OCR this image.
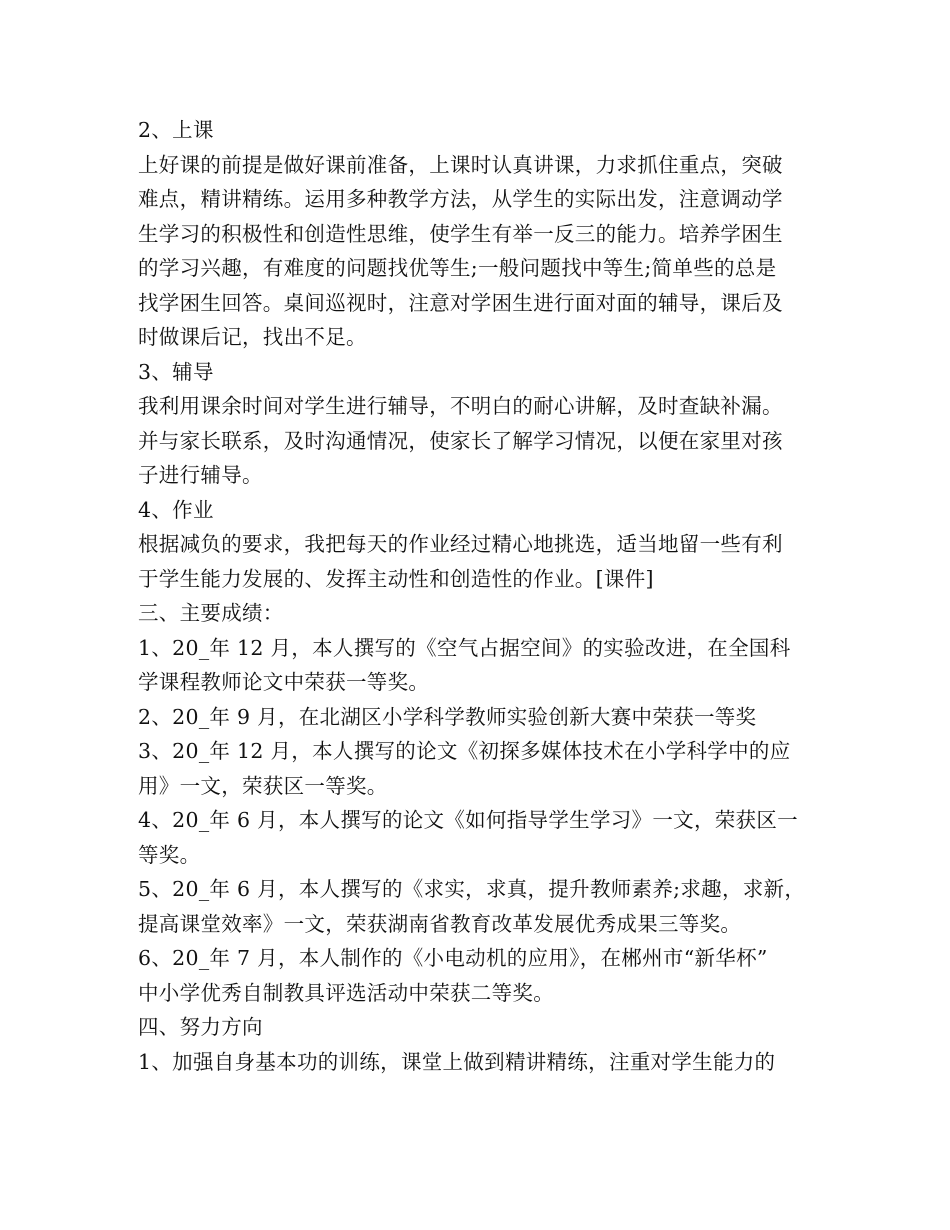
2、上课
上好课的前提是做好课前准备，上课时认真讲课，力求抓住重点，突破
难点，精讲精练。运用多种教学方法，从学生的实际出发，注意调动学
生学习的积极性和创造性思维，使学生有举一反三的能力。培养学困生
的学习兴趣，有难度的问题找优等生;一般问题找中等生;简单些的总是
找学困生回答。桌间巡视时，注意对学困生进行面对面的辅导，课后及
时做课后记，找出不足。
3、辅导
我利用课余时间对学生进行辅导，不明白的耐心讲解，及时查缺补漏。
并与家长联系，及时沟通情况，使家长了解学习情况，以便在家里对孩
子进行辅导。
4、作业
根据减负的要求，我把每天的作业经过精心地挑选，适当地留一些有利
于学生能力发展的、发挥主动性和创造性的作业。[课件]
三、主要成绩：
1、20_年 12 月，本人撰写的《空气占据空间》的实验改进，在全国科
学课程教师论文中荣获一等奖。
2、20_年 9 月，在北湖区小学科学教师实验创新大赛中荣获一等奖
3、20_年 12 月，本人撰写的论文《初探多媒体技术在小学科学中的应
用》一文，荣获区一等奖。
4、20_年 6 月，本人撰写的论文《如何指导学生学习》一文，荣获区一
等奖。
5、20_年 6 月，本人撰写的《求实，求真，提升教师素养;求趣，求新，
提高课堂效率》一文，荣获湖南省教育改革发展优秀成果三等奖。
6、20_年 7 月，本人制作的《小电动机的应用》，在郴州市“新华杯”
中小学优秀自制教具评选活动中荣获二等奖。
四、努力方向
1、加强自身基本功的训练，课堂上做到精讲精练，注重对学生能力的
